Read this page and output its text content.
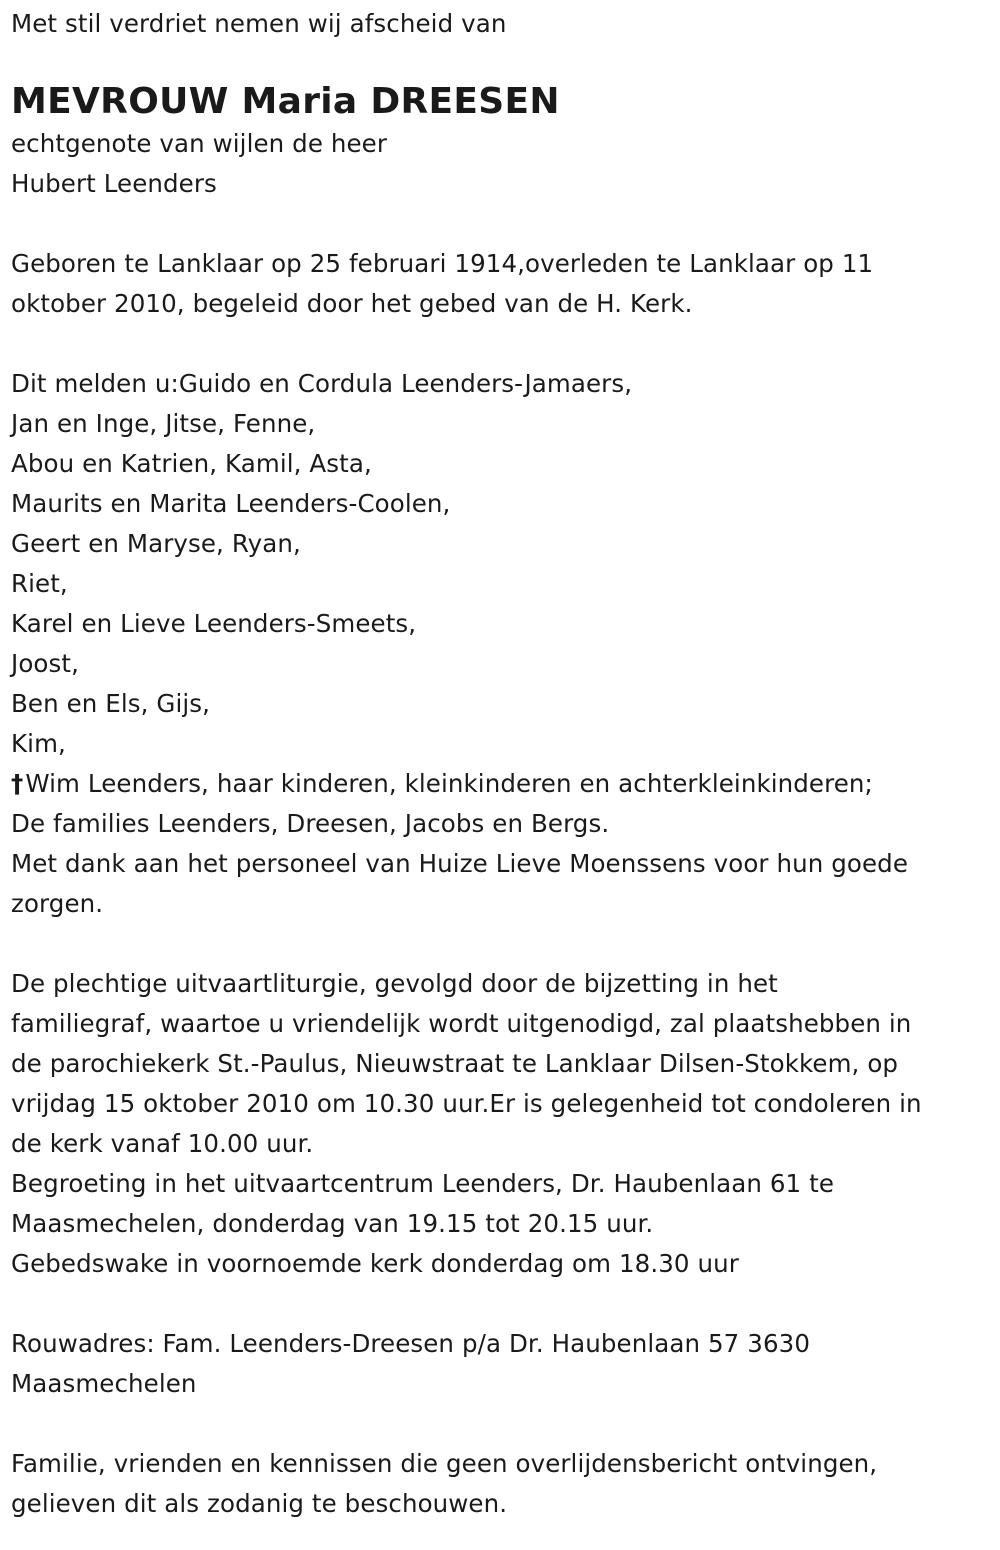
Met stil verdriet nemen wij afscheid van
MEVROUW Maria DREESEN
echtgenote van wijlen de heer
Hubert Leenders
Geboren te Lanklaar op 25 februari 1914,overleden te Lanklaar op 11
oktober 2010, begeleid door het gebed van de H. Kerk.
Dit melden u:Guido en Cordula Leenders-Jamaers,
Jan en Inge, Jitse, Fenne,
Abou en Katrien, Kamil, Asta,
Maurits en Marita Leenders-Coolen,
Geert en Maryse, Ryan,
Riet,
Karel en Lieve Leenders-Smeets,
Joost,
Ben en Els, Gijs,
Kim,
†Wim Leenders, haar kinderen, kleinkinderen en achterkleinkinderen;
De families Leenders, Dreesen, Jacobs en Bergs.
Met dank aan het personeel van Huize Lieve Moenssens voor hun goede
zorgen.
De plechtige uitvaartliturgie, gevolgd door de bijzetting in het
familiegraf, waartoe u vriendelijk wordt uitgenodigd, zal plaatshebben in
de parochiekerk St.-Paulus, Nieuwstraat te Lanklaar Dilsen-Stokkem, op
vrijdag 15 oktober 2010 om 10.30 uur.Er is gelegenheid tot condoleren in
de kerk vanaf 10.00 uur.
Begroeting in het uitvaartcentrum Leenders, Dr. Haubenlaan 61 te
Maasmechelen, donderdag van 19.15 tot 20.15 uur.
Gebedswake in voornoemde kerk donderdag om 18.30 uur
Rouwadres: Fam. Leenders-Dreesen p/a Dr. Haubenlaan 57 3630
Maasmechelen
Familie, vrienden en kennissen die geen overlijdensbericht ontvingen,
gelieven dit als zodanig te beschouwen.
